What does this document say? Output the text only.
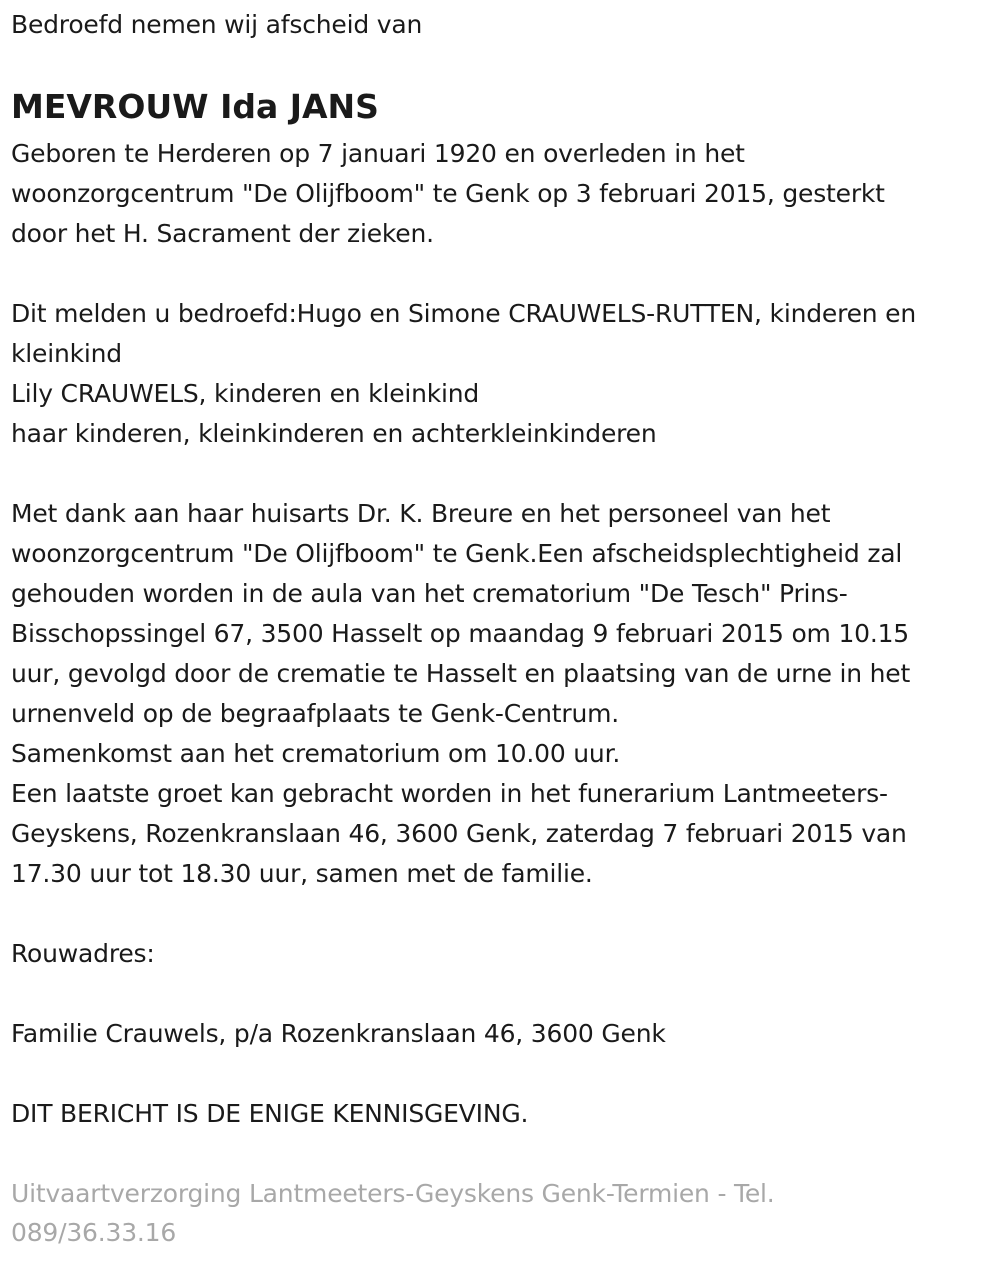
Bedroefd nemen wij afscheid van

MEVROUW Ida JANS

Geboren te Herderen op 7 januari 1920 en overleden in het

woonzorgcentrum "De Olijfboom" te Genk op 3 februari 2015, gesterkt

door het H. Sacrament der zieken.

Dit melden u bedroefd:Hugo en Simone CRAUWELS-RUTTEN, kinderen en

kleinkind

Lily CRAUWELS, kinderen en kleinkind

haar kinderen, kleinkinderen en achterkleinkinderen

Met dank aan haar huisarts Dr. K. Breure en het personeel van het

woonzorgcentrum "De Olijfboom" te Genk.Een afscheidsplechtigheid zal

gehouden worden in de aula van het crematorium "De Tesch" Prins-

Bisschopssingel 67, 3500 Hasselt op maandag 9 februari 2015 om 10.15

uur, gevolgd door de crematie te Hasselt en plaatsing van de urne in het

urnenveld op de begraafplaats te Genk-Centrum.

Samenkomst aan het crematorium om 10.00 uur.

Een laatste groet kan gebracht worden in het funerarium Lantmeeters-

Geyskens, Rozenkranslaan 46, 3600 Genk, zaterdag 7 februari 2015 van

17.30 uur tot 18.30 uur, samen met de familie.

Rouwadres:

Familie Crauwels, p/a Rozenkranslaan 46, 3600 Genk

DIT BERICHT IS DE ENIGE KENNISGEVING.

Uitvaartverzorging Lantmeeters-Geyskens Genk-Termien - Tel.

089/36.33.16
